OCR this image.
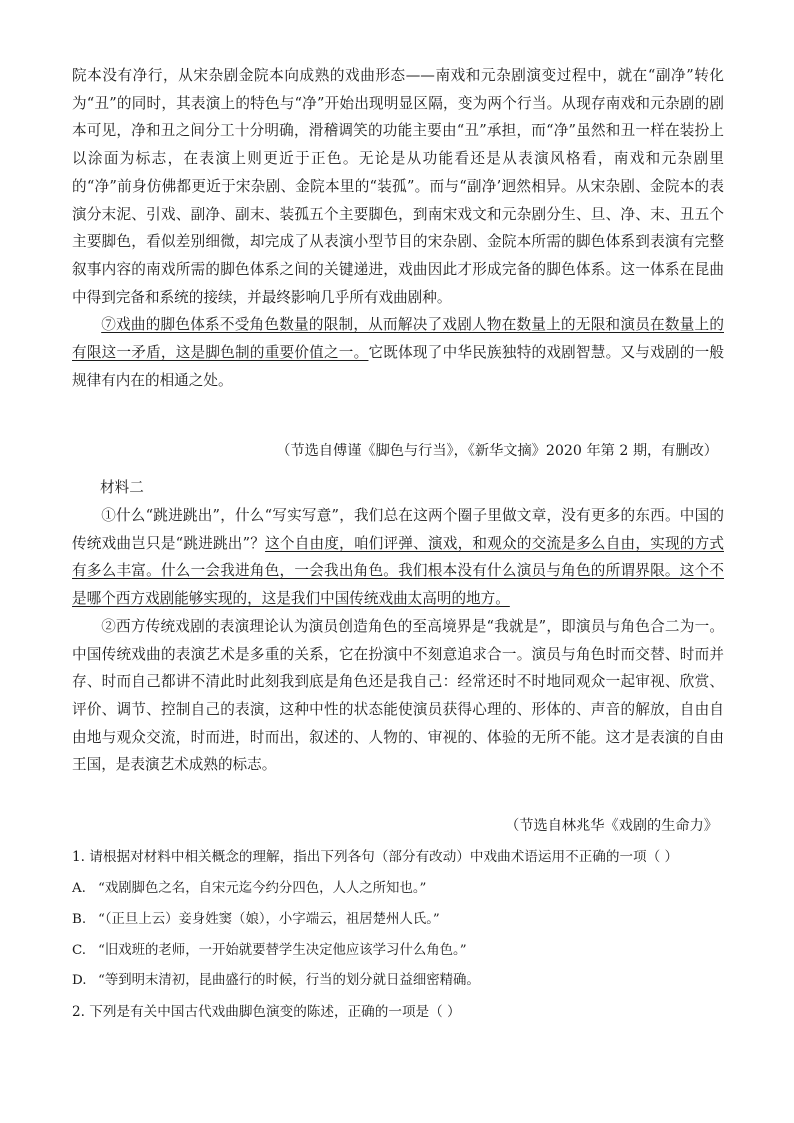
院本没有净行，从宋杂剧金院本向成熟的戏曲形态——南戏和元杂剧演变过程中，就在“副净”转化为“丑”的同时，其表演上的特色与“净”开始出现明显区隔，变为两个行当。从现存南戏和元杂剧的剧本可见，净和丑之间分工十分明确，滑稽调笑的功能主要由“丑”承担，而“净”虽然和丑一样在装扮上以涂面为标志，在表演上则更近于正色。无论是从功能看还是从表演风格看，南戏和元杂剧里的“净”前身仿佛都更近于宋杂剧、金院本里的“装孤”。而与“副净’迥然相异。从宋杂剧、金院本的表演分末泥、引戏、副净、副末、装孤五个主要脚色，到南宋戏文和元杂剧分生、旦、净、末、丑五个主要脚色，看似差别细微，却完成了从表演小型节目的宋杂剧、金院本所需的脚色体系到表演有完整叙事内容的南戏所需的脚色体系之间的关键递进，戏曲因此才形成完备的脚色体系。这一体系在昆曲中得到完备和系统的接续，并最终影响几乎所有戏曲剧种。

⑦戏曲的脚色体系不受角色数量的限制，从而解决了戏剧人物在数量上的无限和演员在数量上的有限这一矛盾，这是脚色制的重要价值之一。它既体现了中华民族独特的戏剧智慧。又与戏剧的一般规律有内在的相通之处。

（节选自傅谨《脚色与行当》，《新华文摘》2020 年第 2 期，有删改）
材料二

①什么“跳进跳出”，什么“写实写意”，我们总在这两个圈子里做文章，没有更多的东西。中国的传统戏曲岂只是“跳进跳出”？这个自由度，咱们评弹、演戏，和观众的交流是多么自由，实现的方式有多么丰富。什么一会我进角色，一会我出角色。我们根本没有什么演员与角色的所谓界限。这个不是哪个西方戏剧能够实现的，这是我们中国传统戏曲太高明的地方。

②西方传统戏剧的表演理论认为演员创造角色的至高境界是“我就是”，即演员与角色合二为一。中国传统戏曲的表演艺术是多重的关系，它在扮演中不刻意追求合一。演员与角色时而交替、时而并存、时而自己都讲不清此时此刻我到底是角色还是我自己：经常还时不时地同观众一起审视、欣赏、评价、调节、控制自己的表演，这种中性的状态能使演员获得心理的、形体的、声音的解放，自由自由地与观众交流，时而进，时而出，叙述的、人物的、审视的、体验的无所不能。这才是表演的自由王国，是表演艺术成熟的标志。

（节选自林兆华《戏剧的生命力》
1. 请根据对材料中相关概念的理解，指出下列各句（部分有改动）中戏曲术语运用不正确的一项（ ）
A. “戏剧脚色之名，自宋元迄今约分四色，人人之所知也。”
B. “（正旦上云）妾身姓窦（娘），小字端云，祖居楚州人氏。”
C. “旧戏班的老师，一开始就要替学生决定他应该学习什么角色。”
D. “等到明末清初，昆曲盛行的时候，行当的划分就日益细密精确。
2. 下列是有关中国古代戏曲脚色演变的陈述，正确的一项是（ ）
